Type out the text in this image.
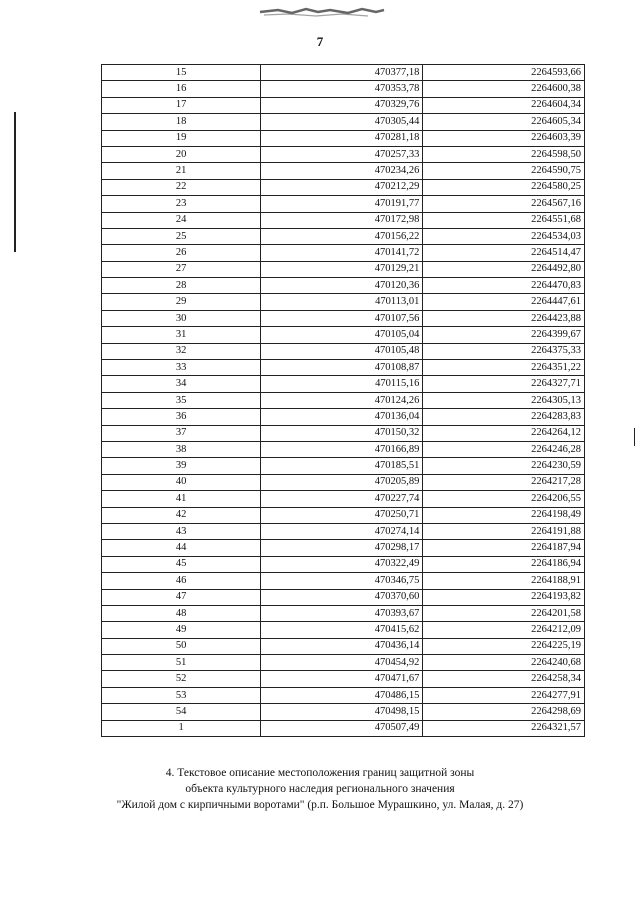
7
15	470377,18	2264593,66
16	470353,78	2264600,38
17	470329,76	2264604,34
18	470305,44	2264605,34
19	470281,18	2264603,39
20	470257,33	2264598,50
21	470234,26	2264590,75
22	470212,29	2264580,25
23	470191,77	2264567,16
24	470172,98	2264551,68
25	470156,22	2264534,03
26	470141,72	2264514,47
27	470129,21	2264492,80
28	470120,36	2264470,83
29	470113,01	2264447,61
30	470107,56	2264423,88
31	470105,04	2264399,67
32	470105,48	2264375,33
33	470108,87	2264351,22
34	470115,16	2264327,71
35	470124,26	2264305,13
36	470136,04	2264283,83
37	470150,32	2264264,12
38	470166,89	2264246,28
39	470185,51	2264230,59
40	470205,89	2264217,28
41	470227,74	2264206,55
42	470250,71	2264198,49
43	470274,14	2264191,88
44	470298,17	2264187,94
45	470322,49	2264186,94
46	470346,75	2264188,91
47	470370,60	2264193,82
48	470393,67	2264201,58
49	470415,62	2264212,09
50	470436,14	2264225,19
51	470454,92	2264240,68
52	470471,67	2264258,34
53	470486,15	2264277,91
54	470498,15	2264298,69
1	470507,49	2264321,57
4. Текстовое описание местоположения границ защитной зоны
объекта культурного наследия регионального значения
"Жилой дом с кирпичными воротами" (р.п. Большое Мурашкино, ул. Малая, д. 27)
